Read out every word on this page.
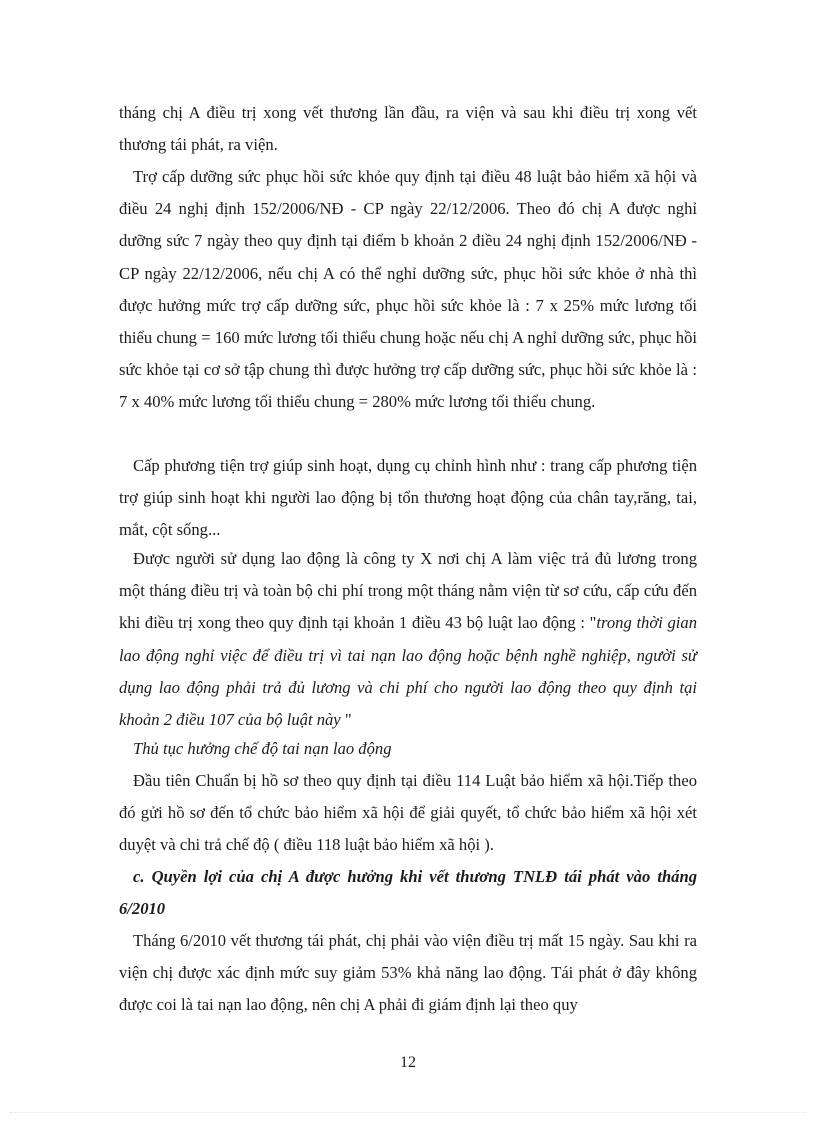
tháng chị A điều trị xong vết thương lần đầu, ra viện và sau khi điều trị xong vết thương tái phát, ra viện.

Trợ cấp dưỡng sức phục hồi sức khỏe quy định tại điều 48 luật bảo hiểm xã hội và điều 24 nghị định 152/2006/NĐ - CP ngày 22/12/2006. Theo đó chị A được nghỉ dưỡng sức 7 ngày theo quy định tại điểm b khoản 2 điều 24 nghị định 152/2006/NĐ - CP ngày 22/12/2006, nếu chị A có thể nghỉ dưỡng sức, phục hồi sức khỏe ở nhà thì được hưởng mức trợ cấp dưỡng sức, phục hồi sức khỏe là : 7 x 25% mức lương tối thiểu chung = 160 mức lương tối thiểu chung hoặc nếu chị A nghỉ dưỡng sức, phục hồi sức khỏe tại cơ sở tập chung thì được hưởng trợ cấp dưỡng sức, phục hồi sức khỏe là : 7 x 40% mức lương tối thiểu chung = 280% mức lương tối thiểu chung.

Cấp phương tiện trợ giúp sinh hoạt, dụng cụ chỉnh hình như : trang cấp phương tiện trợ giúp sinh hoạt khi người lao động bị tổn thương hoạt động của chân tay,răng, tai, mắt, cột sống...

Được người sử dụng lao động là công ty X nơi chị A làm việc trả đủ lương trong một tháng điều trị và toàn bộ chi phí trong một tháng nằm viện từ sơ cứu, cấp cứu đến khi điều trị xong theo quy định tại khoản 1 điều 43 bộ luật lao động : "trong thời gian lao động nghỉ việc để điều trị vì tai nạn lao động hoặc bệnh nghề nghiệp, người sử dụng lao động phải trả đủ lương và chi phí cho người lao động theo quy định tại khoản 2 điều 107 của bộ luật này "

Thủ tục hưởng chế độ tai nạn lao động

Đầu tiên Chuẩn bị hồ sơ theo quy định tại điều 114 Luật bảo hiểm xã hội.Tiếp theo đó gửi hồ sơ đến tổ chức bảo hiểm xã hội để giải quyết, tổ chức bảo hiểm xã hội xét duyệt và chi trả chế độ ( điều 118 luật bảo hiểm xã hội ).

c. Quyền lợi của chị A được hưởng khi vết thương TNLĐ tái phát vào tháng 6/2010

Tháng 6/2010 vết thương tái phát, chị phải vào viện điều trị mất 15 ngày. Sau khi ra viện chị được xác định mức suy giảm 53% khả năng lao động. Tái phát ở đây không được coi là tai nạn lao động, nên chị A phải đi giám định lại theo quy

12
